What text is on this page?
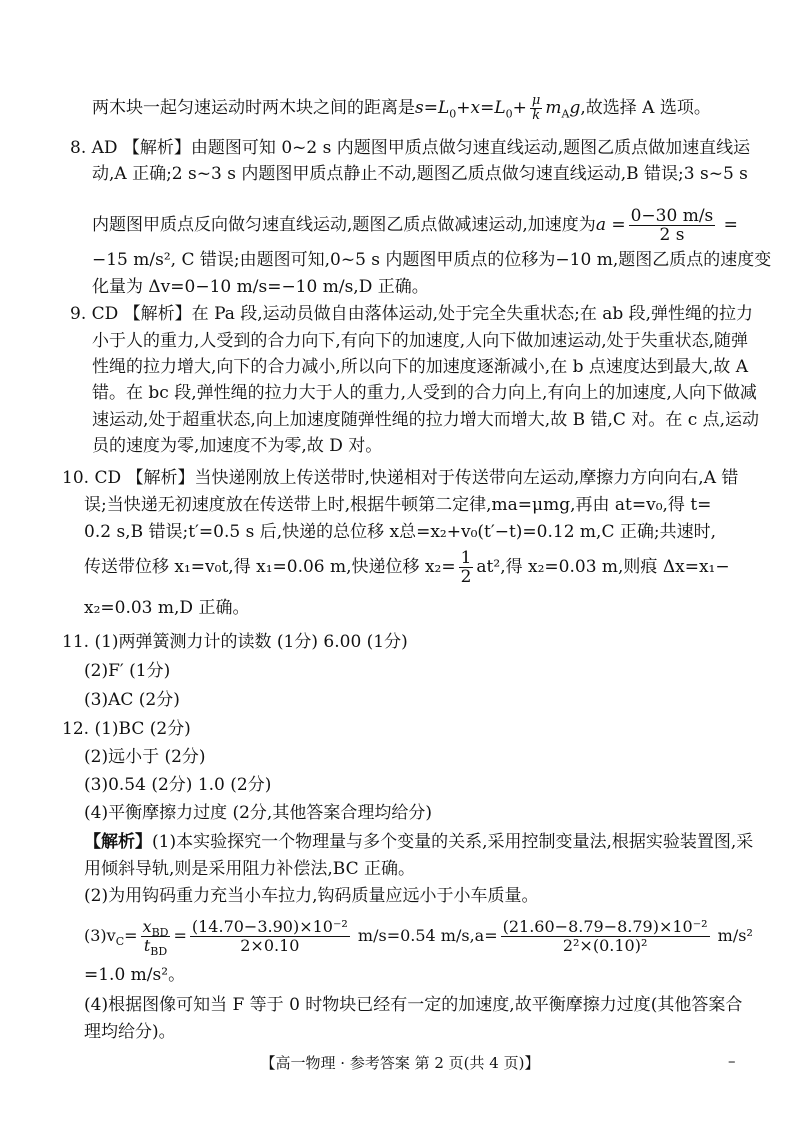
两木块一起匀速运动时两木块之间的距离是$s=L_0+x=L_0+ \frac{\mu}{k} m_Ag$,故选择 A 选项。
8. AD 【解析】由题图可知 0~2 s 内题图甲质点做匀速直线运动,题图乙质点做加速直线运
动,A 正确;2 s~3 s 内题图甲质点静止不动,题图乙质点做匀速直线运动,B 错误;3 s~5 s
内题图甲质点反向做匀速直线运动,题图乙质点做减速运动,加速度为$a = \frac{0-30 m/s}{2 s}$ =
−15 m/s², C 错误;由题图可知,0~5 s 内题图甲质点的位移为−10 m,题图乙质点的速度变
化量为 Δv=0−10 m/s=−10 m/s,D 正确。
9. CD 【解析】在 Pa 段,运动员做自由落体运动,处于完全失重状态;在 ab 段,弹性绳的拉力
小于人的重力,人受到的合力向下,有向下的加速度,人向下做加速运动,处于失重状态,随弹
性绳的拉力增大,向下的合力减小,所以向下的加速度逐渐减小,在 b 点速度达到最大,故 A
错。在 bc 段,弹性绳的拉力大于人的重力,人受到的合力向上,有向上的加速度,人向下做减
速运动,处于超重状态,向上加速度随弹性绳的拉力增大而增大,故 B 错,C 对。在 c 点,运动
员的速度为零,加速度不为零,故 D 对。
10. CD 【解析】当快递刚放上传送带时,快递相对于传送带向左运动,摩擦力方向向右,A 错
误;当快递无初速度放在传送带上时,根据牛顿第二定律,ma=μmg,再由 at=v₀,得 t=
0.2 s,B 错误;t′=0.5 s 后,快递的总位移 x总=x₂+v₀(t′−t)=0.12 m,C 正确;共速时,
传送带位移 x₁=v₀t,得 x₁=0.06 m,快递位移 $x_2= \frac{1}{2} at^2$,得 x₂=0.03 m,则痕 Δx=x₁−
x₂=0.03 m,D 正确。
11. (1)两弹簧测力计的读数 (1分) 6.00 (1分)
(2)F′ (1分)
(3)AC (2分)
12. (1)BC (2分)
(2)远小于 (2分)
(3)0.54 (2分) 1.0 (2分)
(4)平衡摩擦力过度 (2分,其他答案合理均给分)
【解析】(1)本实验探究一个物理量与多个变量的关系,采用控制变量法,根据实验装置图,采
用倾斜导轨,则是采用阻力补偿法,BC 正确。
(2)为用钩码重力充当小车拉力,钩码质量应远小于小车质量。
$(3)v_C= \frac{x_{BD}}{t_{BD}} = \frac{\text{(14.70−3.90)×10⁻²}}{2\times 0.10} m/s=0.54$ $m/s,a= \frac{\text{(21.60−8.79−8.79)×10⁻²}}{\text{2²×(0.10)²}} m/s^2$
=1.0 m/s²。
(4)根据图像可知当 F 等于 0 时物块已经有一定的加速度,故平衡摩擦力过度(其他答案合
理均给分)。
【高一物理 · 参考答案 第 2 页(共 4 页)】	–
